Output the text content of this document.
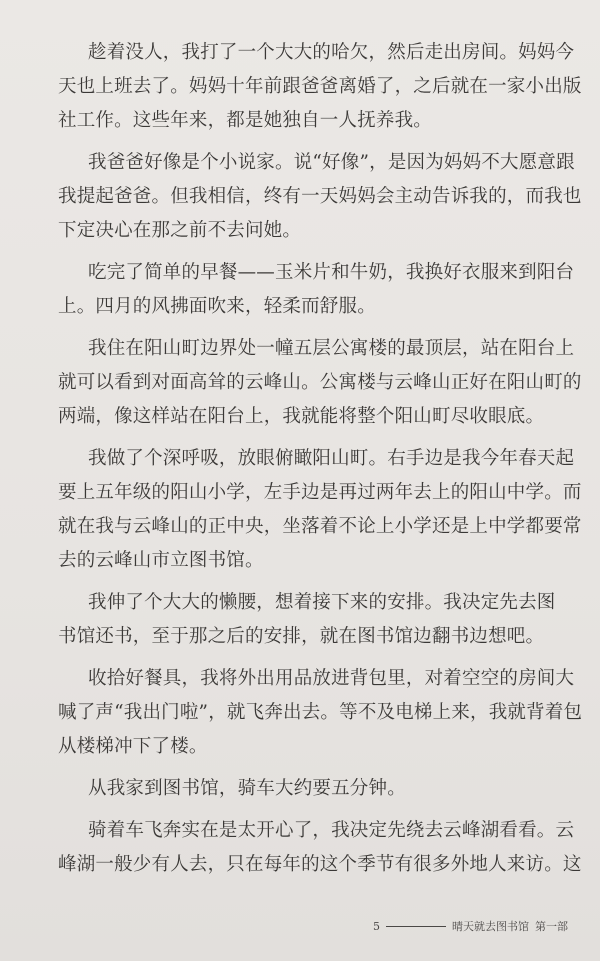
趁着没人，我打了一个大大的哈欠，然后走出房间。妈妈今
天也上班去了。妈妈十年前跟爸爸离婚了，之后就在一家小出版
社工作。这些年来，都是她独自一人抚养我。
我爸爸好像是个小说家。说“好像”，是因为妈妈不大愿意跟
我提起爸爸。但我相信，终有一天妈妈会主动告诉我的，而我也
下定决心在那之前不去问她。
吃完了简单的早餐——玉米片和牛奶，我换好衣服来到阳台
上。四月的风拂面吹来，轻柔而舒服。
我住在阳山町边界处一幢五层公寓楼的最顶层，站在阳台上
就可以看到对面高耸的云峰山。公寓楼与云峰山正好在阳山町的
两端，像这样站在阳台上，我就能将整个阳山町尽收眼底。
我做了个深呼吸，放眼俯瞰阳山町。右手边是我今年春天起
要上五年级的阳山小学，左手边是再过两年去上的阳山中学。而
就在我与云峰山的正中央，坐落着不论上小学还是上中学都要常
去的云峰山市立图书馆。
我伸了个大大的懒腰，想着接下来的安排。我决定先去图
书馆还书，至于那之后的安排，就在图书馆边翻书边想吧。
收拾好餐具，我将外出用品放进背包里，对着空空的房间大
喊了声“我出门啦”，就飞奔出去。等不及电梯上来，我就背着包
从楼梯冲下了楼。
从我家到图书馆，骑车大约要五分钟。
骑着车飞奔实在是太开心了，我决定先绕去云峰湖看看。云
峰湖一般少有人去，只在每年的这个季节有很多外地人来访。这
5	晴天就去图书馆 第一部
